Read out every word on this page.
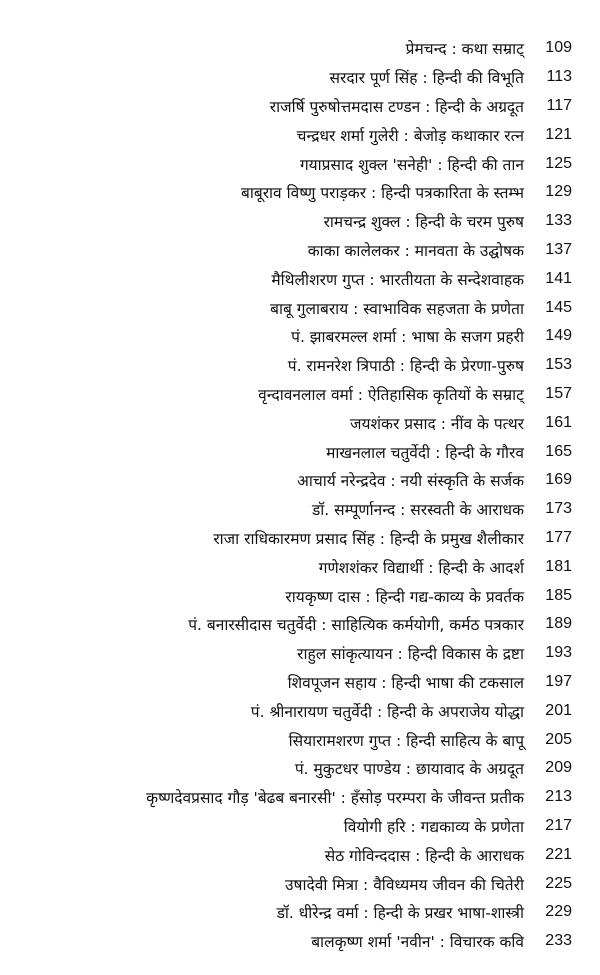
प्रेमचन्द : कथा सम्राट्	109
सरदार पूर्ण सिंह : हिन्दी की विभूति	113
राजर्षि पुरुषोत्तमदास टण्डन : हिन्दी के अग्रदूत	117
चन्द्रधर शर्मा गुलेरी : बेजोड़ कथाकार रत्न	121
गयाप्रसाद शुक्ल 'सनेही' : हिन्दी की तान	125
बाबूराव विष्णु पराड़कर : हिन्दी पत्रकारिता के स्तम्भ	129
रामचन्द्र शुक्ल : हिन्दी के चरम पुरुष	133
काका कालेलकर : मानवता के उद्घोषक	137
मैथिलीशरण गुप्त : भारतीयता के सन्देशवाहक	141
बाबू गुलाबराय : स्वाभाविक सहजता के प्रणेता	145
पं. झाबरमल्ल शर्मा : भाषा के सजग प्रहरी	149
पं. रामनरेश त्रिपाठी : हिन्दी के प्रेरणा-पुरुष	153
वृन्दावनलाल वर्मा : ऐतिहासिक कृतियों के सम्राट्	157
जयशंकर प्रसाद : नींव के पत्थर	161
माखनलाल चतुर्वेदी : हिन्दी के गौरव	165
आचार्य नरेन्द्रदेव : नयी संस्कृति के सर्जक	169
डॉ. सम्पूर्णानन्द : सरस्वती के आराधक	173
राजा राधिकारमण प्रसाद सिंह : हिन्दी के प्रमुख शैलीकार	177
गणेशशंकर विद्यार्थी : हिन्दी के आदर्श	181
रायकृष्ण दास : हिन्दी गद्य-काव्य के प्रवर्तक	185
पं. बनारसीदास चतुर्वेदी : साहित्यिक कर्मयोगी, कर्मठ पत्रकार	189
राहुल सांकृत्यायन : हिन्दी विकास के द्रष्टा	193
शिवपूजन सहाय : हिन्दी भाषा की टकसाल	197
पं. श्रीनारायण चतुर्वेदी : हिन्दी के अपराजेय योद्धा	201
सियारामशरण गुप्त : हिन्दी साहित्य के बापू	205
पं. मुकुटधर पाण्डेय : छायावाद के अग्रदूत	209
कृष्णदेवप्रसाद गौड़ 'बेढब बनारसी' : हँसोड़ परम्परा के जीवन्त प्रतीक	213
वियोगी हरि : गद्यकाव्य के प्रणेता	217
सेठ गोविन्ददास : हिन्दी के आराधक	221
उषादेवी मित्रा : वैविध्यमय जीवन की चितेरी	225
डॉ. धीरेन्द्र वर्मा : हिन्दी के प्रखर भाषा-शास्त्री	229
बालकृष्ण शर्मा 'नवीन' : विचारक कवि	233
